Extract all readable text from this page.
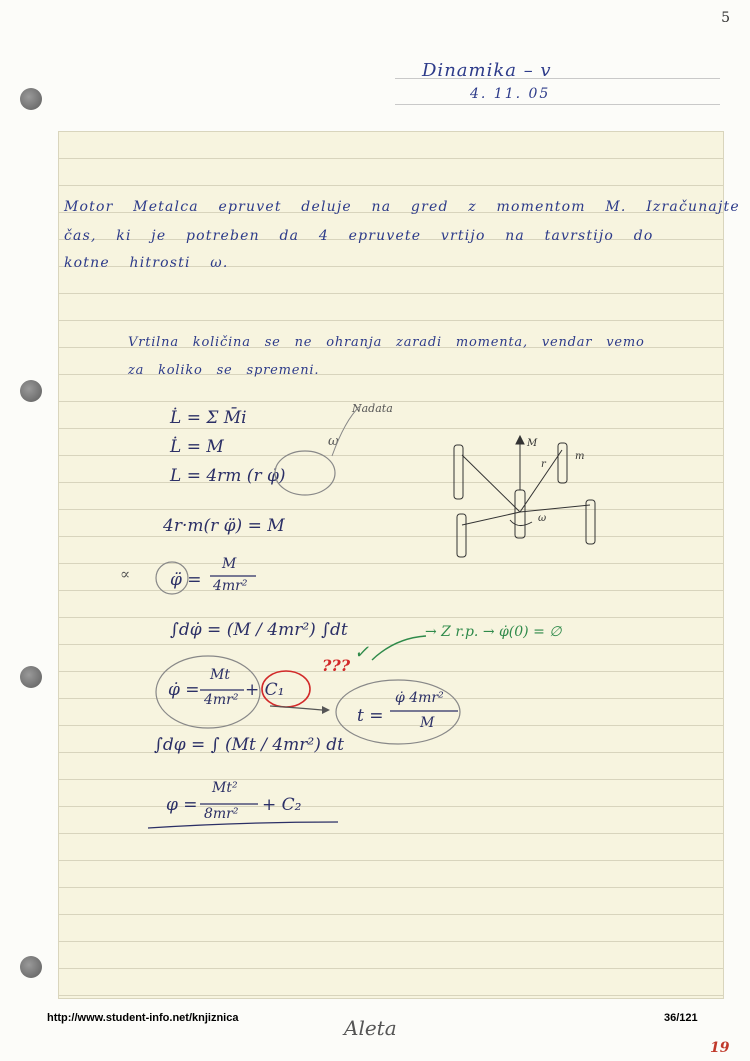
5
Dinamika – v
4. 11. 05
Motor Metalca epruvet deluje na gred z momentom M. Izračunajte
čas, ki je potreben da 4 epruvete vrtijo na tavrstijo do
kotne hitrosti ω.
Vrtilna količina se ne ohranja zaradi momenta, vendar vemo
za koliko se spremeni.
L̇ = Σ M̄i
L̇ = M
L = 4rm (r φ̇)
4r·m(r φ̈) = M
∝ φ̈ =
M
4mr²
∫dφ̇ = (M / 4mr²) ∫dt
φ̇ =
Mt
4mr² + C₁
∫dφ = ∫ (Mt / 4mr²) dt
φ =
Mt²
8mr² + C₂
t =
φ̇ 4mr²
M
Nadata
ω
???
✓
→ Z r.p. → φ̇(0) = ∅
M
r
m
ω
http://www.student-info.net/knjiznica	Aleta	36/121
19
